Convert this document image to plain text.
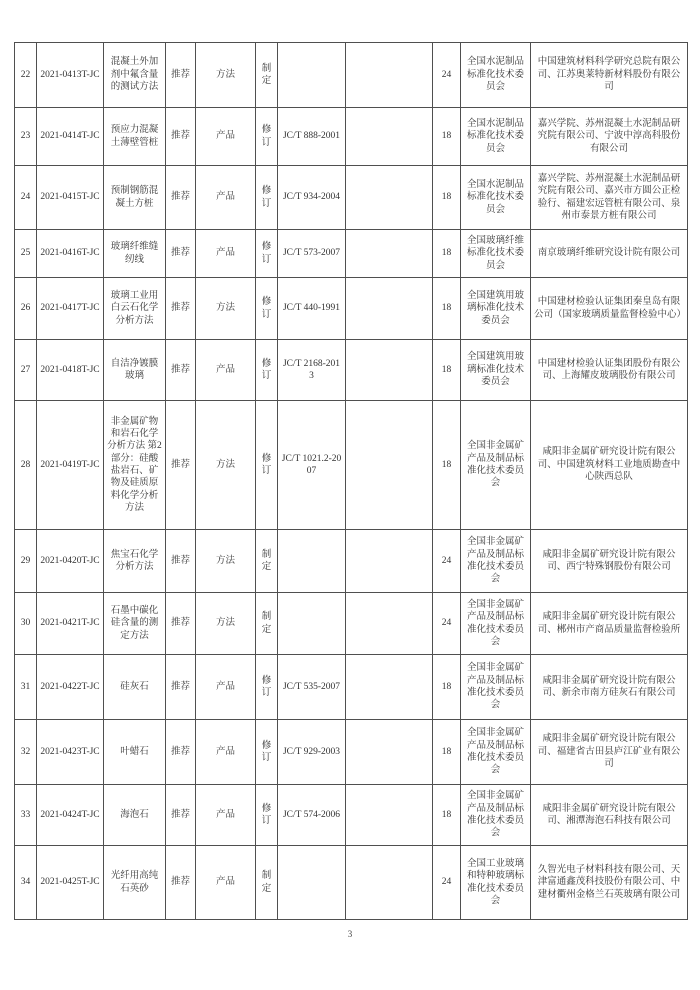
22	2021-0413T-JC	混凝土外加剂中氟含量的测试方法	推荐	方法	制定			24	全国水泥制品标准化技术委员会	中国建筑材料科学研究总院有限公司、江苏奥莱特新材料股份有限公司
23	2021-0414T-JC	预应力混凝土薄壁管桩	推荐	产品	修订	JC/T 888-2001		18	全国水泥制品标准化技术委员会	嘉兴学院、苏州混凝土水泥制品研究院有限公司、宁波中淳高科股份有限公司
24	2021-0415T-JC	预制钢筋混凝土方桩	推荐	产品	修订	JC/T 934-2004		18	全国水泥制品标准化技术委员会	嘉兴学院、苏州混凝土水泥制品研究院有限公司、嘉兴市方圆公正检验行、福建宏远管桩有限公司、泉州市泰景方桩有限公司
25	2021-0416T-JC	玻璃纤维缝纫线	推荐	产品	修订	JC/T 573-2007		18	全国玻璃纤维标准化技术委员会	南京玻璃纤维研究设计院有限公司
26	2021-0417T-JC	玻璃工业用白云石化学分析方法	推荐	方法	修订	JC/T 440-1991		18	全国建筑用玻璃标准化技术委员会	中国建材检验认证集团秦皇岛有限公司（国家玻璃质量监督检验中心）
27	2021-0418T-JC	自洁净镀膜玻璃	推荐	产品	修订	JC/T 2168-2013		18	全国建筑用玻璃标准化技术委员会	中国建材检验认证集团股份有限公司、上海耀皮玻璃股份有限公司
28	2021-0419T-JC	非金属矿物和岩石化学分析方法 第2部分：硅酸盐岩石、矿物及硅质原料化学分析方法	推荐	方法	修订	JC/T 1021.2-2007		18	全国非金属矿产品及制品标准化技术委员会	咸阳非金属矿研究设计院有限公司、中国建筑材料工业地质勘查中心陕西总队
29	2021-0420T-JC	焦宝石化学分析方法	推荐	方法	制定			24	全国非金属矿产品及制品标准化技术委员会	咸阳非金属矿研究设计院有限公司、西宁特殊钢股份有限公司
30	2021-0421T-JC	石墨中碳化硅含量的测定方法	推荐	方法	制定			24	全国非金属矿产品及制品标准化技术委员会	咸阳非金属矿研究设计院有限公司、郴州市产商品质量监督检验所
31	2021-0422T-JC	硅灰石	推荐	产品	修订	JC/T 535-2007		18	全国非金属矿产品及制品标准化技术委员会	咸阳非金属矿研究设计院有限公司、新余市南方硅灰石有限公司
32	2021-0423T-JC	叶蜡石	推荐	产品	修订	JC/T 929-2003		18	全国非金属矿产品及制品标准化技术委员会	咸阳非金属矿研究设计院有限公司、福建省古田县庐江矿业有限公司
33	2021-0424T-JC	海泡石	推荐	产品	修订	JC/T 574-2006		18	全国非金属矿产品及制品标准化技术委员会	咸阳非金属矿研究设计院有限公司、湘潭海泡石科技有限公司
34	2021-0425T-JC	光纤用高纯石英砂	推荐	产品	制定			24	全国工业玻璃和特种玻璃标准化技术委员会	久智光电子材料科技有限公司、天津富通鑫茂科技股份有限公司、中建材衢州金格兰石英玻璃有限公司
3
